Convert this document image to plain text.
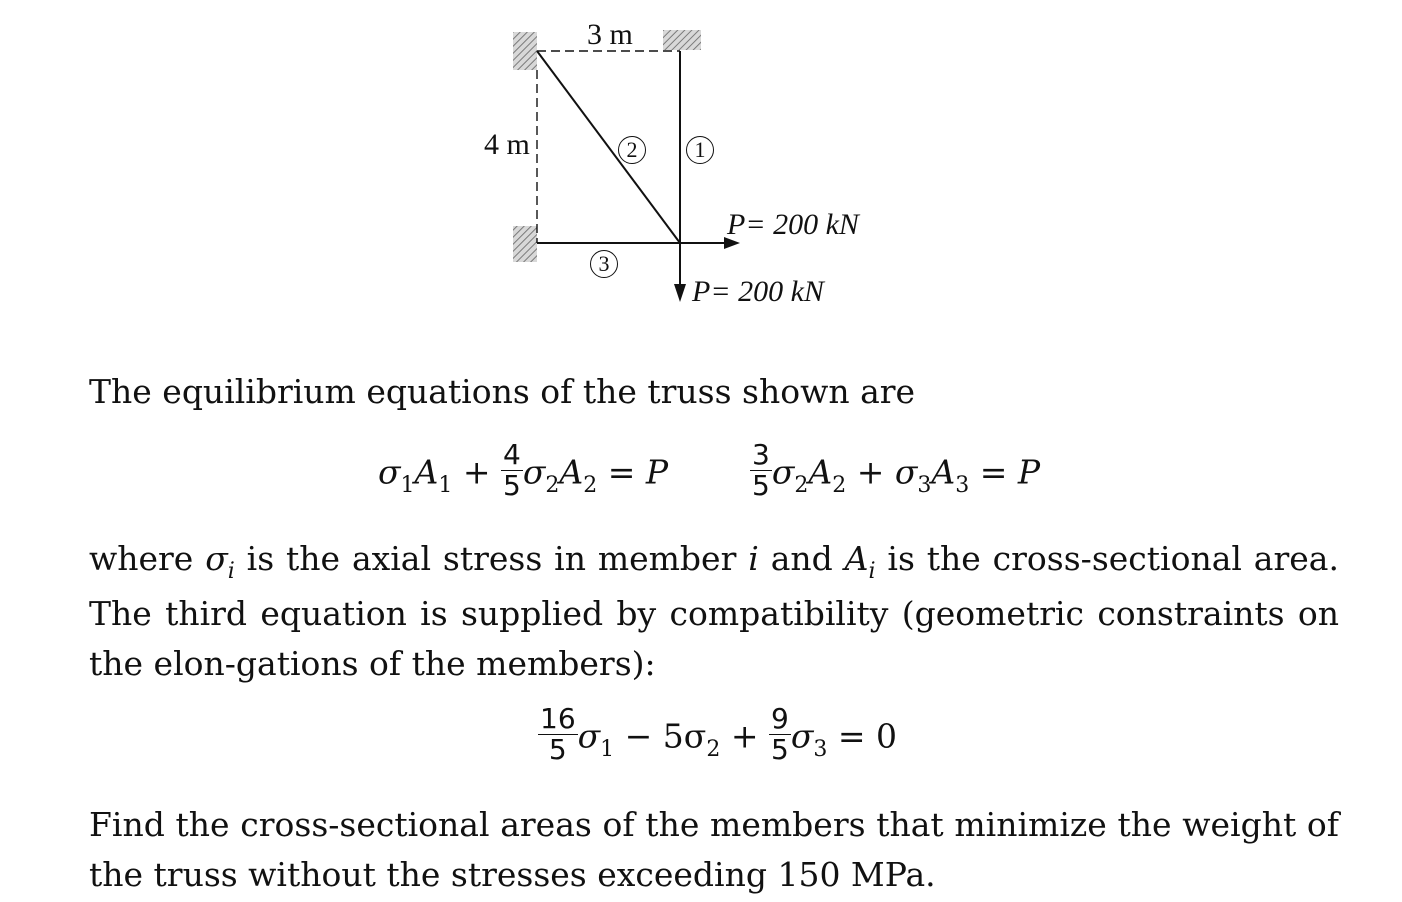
3 m
4 m	2	1
3
P= 200 kN
P= 200 kN

The equilibrium equations of the truss shown are

$\sigma_1A_1 + \frac{4}{5} \sigma_2A_2 = P$	$\frac{3}{5} \sigma_2A_2 + \sigma_3A_3 = P$

where $\sigma_i$ is the axial stress in member i and $A_i$ is the cross-sectional area. The third equation is supplied by compatibility (geometric constraints on the elon-gations of the members):

$\frac{16}{5} \sigma_1 - 5\sigma_2 + \frac{9}{5} \sigma_3 = 0$

Find the cross-sectional areas of the members that minimize the weight of the truss without the stresses exceeding 150 MPa.
